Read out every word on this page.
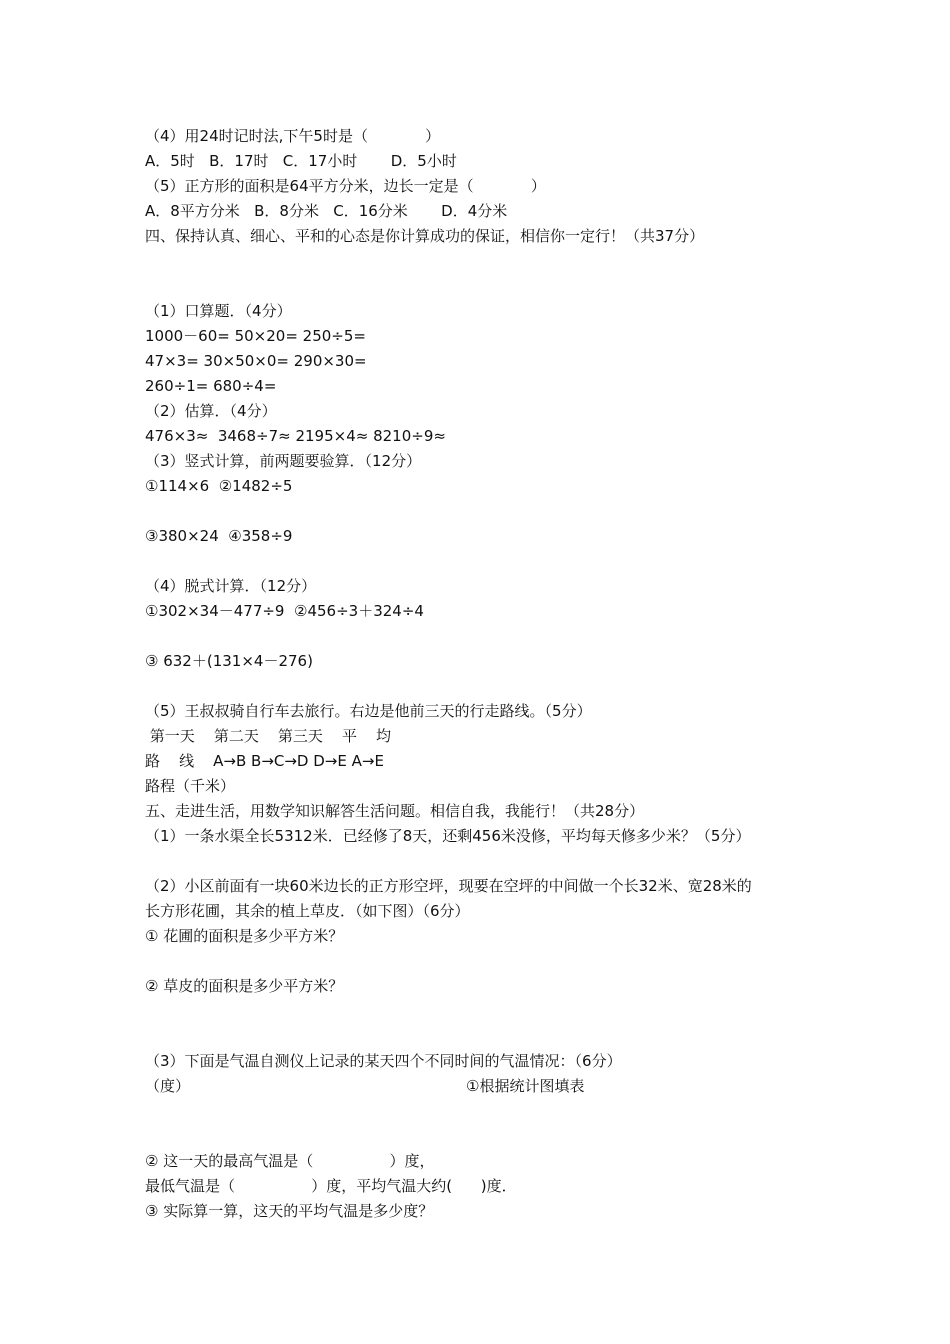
（4）用24时记时法,下午5时是（            ）
A．5时   B．17时   C．17小时       D．5小时
（5）正方形的面积是64平方分米，边长一定是（            ）
A．8平方分米   B．8分米   C．16分米       D．4分米
四、保持认真、细心、平和的心态是你计算成功的保证，相信你一定行！（共37分）
（1）口算题．（4分）
1000－60= 50×20= 250÷5=
47×3= 30×50×0= 290×30=
260÷1= 680÷4=
（2）估算．（4分）
476×3≈  3468÷7≈ 2195×4≈ 8210÷9≈
（3）竖式计算，前两题要验算．（12分）
①114×6  ②1482÷5
③380×24  ④358÷9
（4）脱式计算．（12分）
①302×34－477÷9  ②456÷3＋324÷4
③ 632＋(131×4－276)
（5）王叔叔骑自行车去旅行。右边是他前三天的行走路线。（5分）
第一天    第二天    第三天    平    均
路    线    A→B B→C→D D→E A→E
路程（千米）
五、走进生活，用数学知识解答生活问题。相信自我，我能行！（共28分）
（1）一条水渠全长5312米．已经修了8天，还剩456米没修，平均每天修多少米？（5分）
（2）小区前面有一块60米边长的正方形空坪，现要在空坪的中间做一个长32米、宽28米的
长方形花圃，其余的植上草皮．（如下图）（6分）
① 花圃的面积是多少平方米？
② 草皮的面积是多少平方米？
（3）下面是气温自测仪上记录的某天四个不同时间的气温情况：（6分）
（度）	①根据统计图填表
② 这一天的最高气温是（                ）度，
最低气温是（                ）度，平均气温大约(      )度．
③ 实际算一算，这天的平均气温是多少度？
